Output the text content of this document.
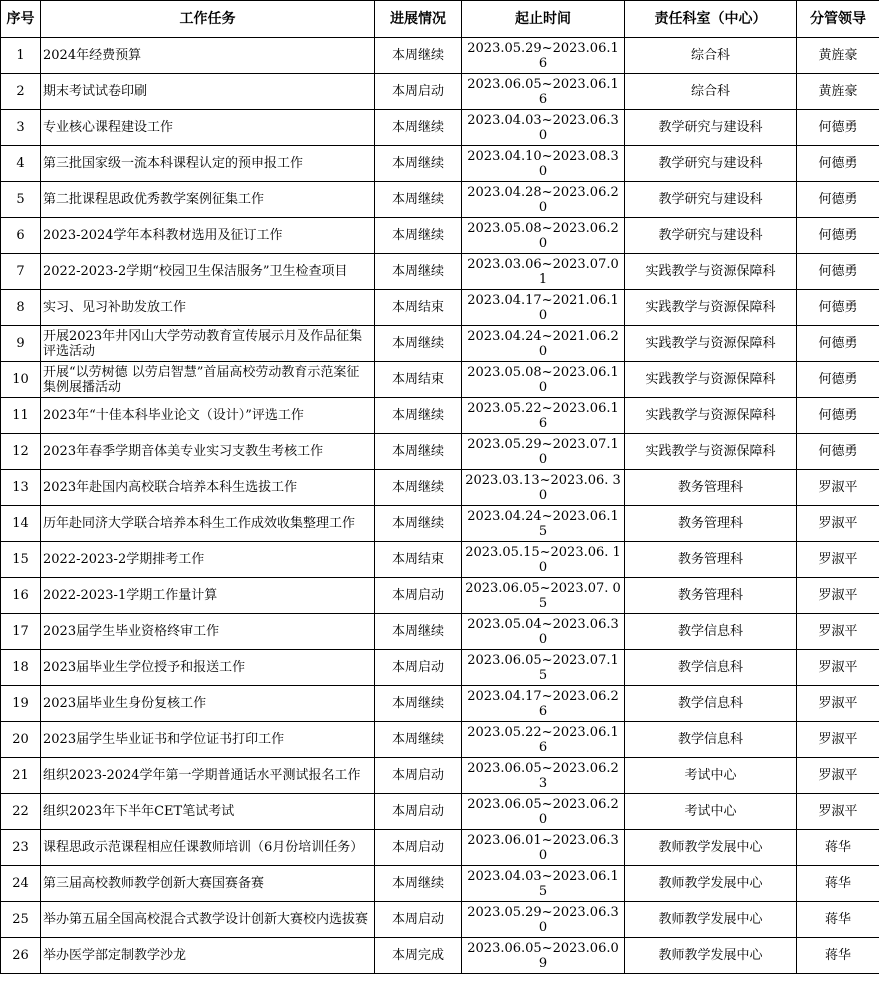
序号	工作任务	进展情况	起止时间	责任科室（中心）	分管领导
1	2024年经费预算	本周继续	2023.05.29~2023.06.16	综合科	黄旌豪
2	期末考试试卷印刷	本周启动	2023.06.05~2023.06.16	综合科	黄旌豪
3	专业核心课程建设工作	本周继续	2023.04.03~2023.06.30	教学研究与建设科	何德勇
4	第三批国家级一流本科课程认定的预申报工作	本周继续	2023.04.10~2023.08.30	教学研究与建设科	何德勇
5	第二批课程思政优秀教学案例征集工作	本周继续	2023.04.28~2023.06.20	教学研究与建设科	何德勇
6	2023-2024学年本科教材选用及征订工作	本周继续	2023.05.08~2023.06.20	教学研究与建设科	何德勇
7	2022-2023-2学期“校园卫生保洁服务”卫生检查项目	本周继续	2023.03.06~2023.07.01	实践教学与资源保障科	何德勇
8	实习、见习补助发放工作	本周结束	2023.04.17~2021.06.10	实践教学与资源保障科	何德勇
9	开展2023年井冈山大学劳动教育宣传展示月及作品征集评选活动	本周继续	2023.04.24~2021.06.20	实践教学与资源保障科	何德勇
10	开展“以劳树德 以劳启智慧”首届高校劳动教育示范案征集例展播活动	本周结束	2023.05.08~2023.06.10	实践教学与资源保障科	何德勇
11	2023年“十佳本科毕业论文（设计）”评选工作	本周继续	2023.05.22~2023.06.16	实践教学与资源保障科	何德勇
12	2023年春季学期音体美专业实习支教生考核工作	本周继续	2023.05.29~2023.07.10	实践教学与资源保障科	何德勇
13	2023年赴国内高校联合培养本科生选拔工作	本周继续	2023.03.13~2023.06. 30	教务管理科	罗淑平
14	历年赴同济大学联合培养本科生工作成效收集整理工作	本周继续	2023.04.24~2023.06.15	教务管理科	罗淑平
15	2022-2023-2学期排考工作	本周结束	2023.05.15~2023.06. 10	教务管理科	罗淑平
16	2022-2023-1学期工作量计算	本周启动	2023.06.05~2023.07. 05	教务管理科	罗淑平
17	2023届学生毕业资格终审工作	本周继续	2023.05.04~2023.06.30	教学信息科	罗淑平
18	2023届毕业生学位授予和报送工作	本周启动	2023.06.05~2023.07.15	教学信息科	罗淑平
19	2023届毕业生身份复核工作	本周继续	2023.04.17~2023.06.26	教学信息科	罗淑平
20	2023届学生毕业证书和学位证书打印工作	本周继续	2023.05.22~2023.06.16	教学信息科	罗淑平
21	组织2023-2024学年第一学期普通话水平测试报名工作	本周启动	2023.06.05~2023.06.23	考试中心	罗淑平
22	组织2023年下半年CET笔试考试	本周启动	2023.06.05~2023.06.20	考试中心	罗淑平
23	课程思政示范课程相应任课教师培训（6月份培训任务）	本周启动	2023.06.01~2023.06.30	教师教学发展中心	蒋华
24	第三届高校教师教学创新大赛国赛备赛	本周继续	2023.04.03~2023.06.15	教师教学发展中心	蒋华
25	举办第五届全国高校混合式教学设计创新大赛校内选拔赛	本周启动	2023.05.29~2023.06.30	教师教学发展中心	蒋华
26	举办医学部定制教学沙龙	本周完成	2023.06.05~2023.06.09	教师教学发展中心	蒋华
